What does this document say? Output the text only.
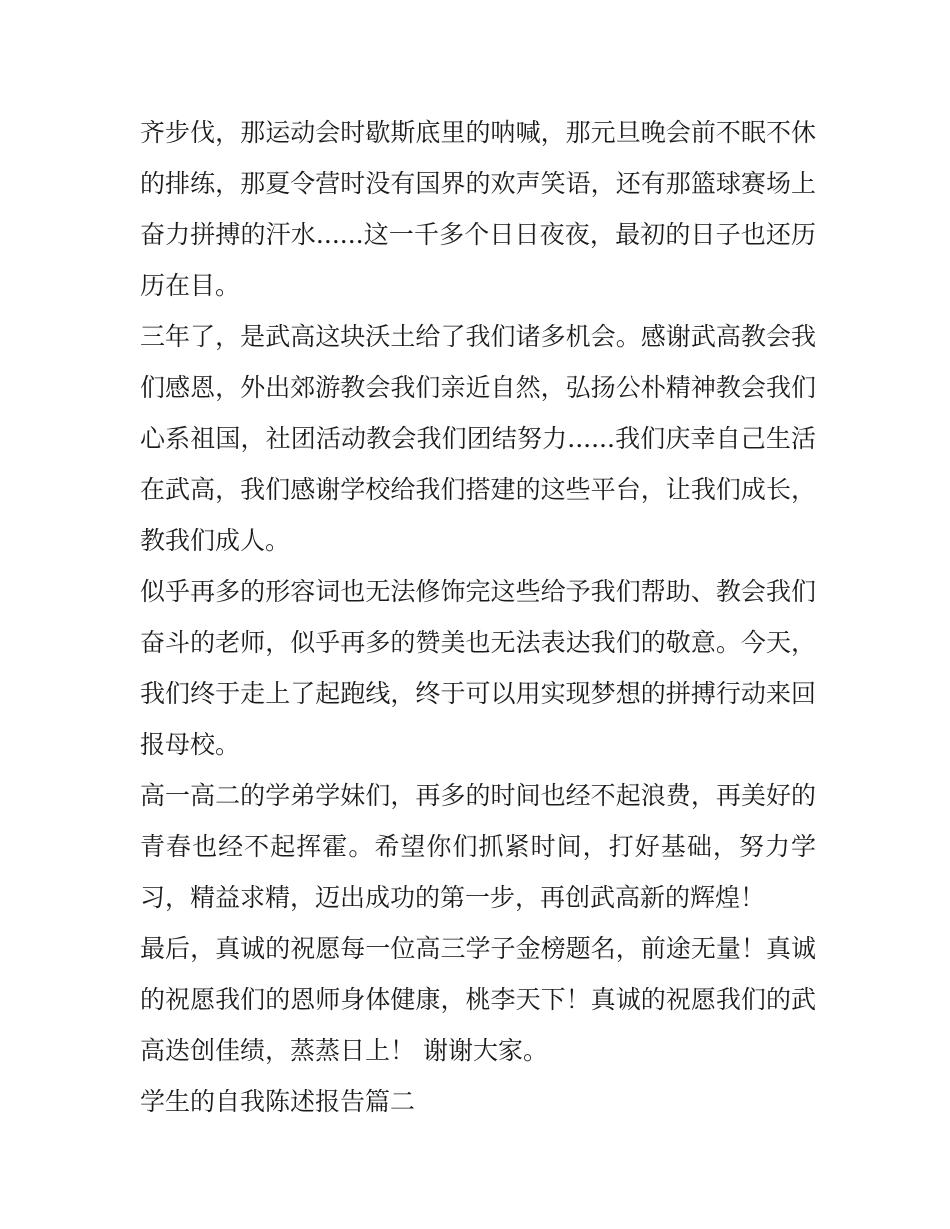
齐步伐，那运动会时歇斯底里的呐喊，那元旦晚会前不眠不休的排练，那夏令营时没有国界的欢声笑语，还有那篮球赛场上奋力拼搏的汗水......这一千多个日日夜夜，最初的日子也还历历在目。

三年了，是武高这块沃土给了我们诸多机会。感谢武高教会我们感恩，外出郊游教会我们亲近自然，弘扬公朴精神教会我们心系祖国，社团活动教会我们团结努力......我们庆幸自己生活在武高，我们感谢学校给我们搭建的这些平台，让我们成长，教我们成人。

似乎再多的形容词也无法修饰完这些给予我们帮助、教会我们奋斗的老师，似乎再多的赞美也无法表达我们的敬意。今天，我们终于走上了起跑线，终于可以用实现梦想的拼搏行动来回报母校。

高一高二的学弟学妹们，再多的时间也经不起浪费，再美好的青春也经不起挥霍。希望你们抓紧时间，打好基础，努力学习，精益求精，迈出成功的第一步，再创武高新的辉煌！

最后，真诚的祝愿每一位高三学子金榜题名，前途无量！真诚的祝愿我们的恩师身体健康，桃李天下！真诚的祝愿我们的武高迭创佳绩，蒸蒸日上！ 谢谢大家。

学生的自我陈述报告篇二
